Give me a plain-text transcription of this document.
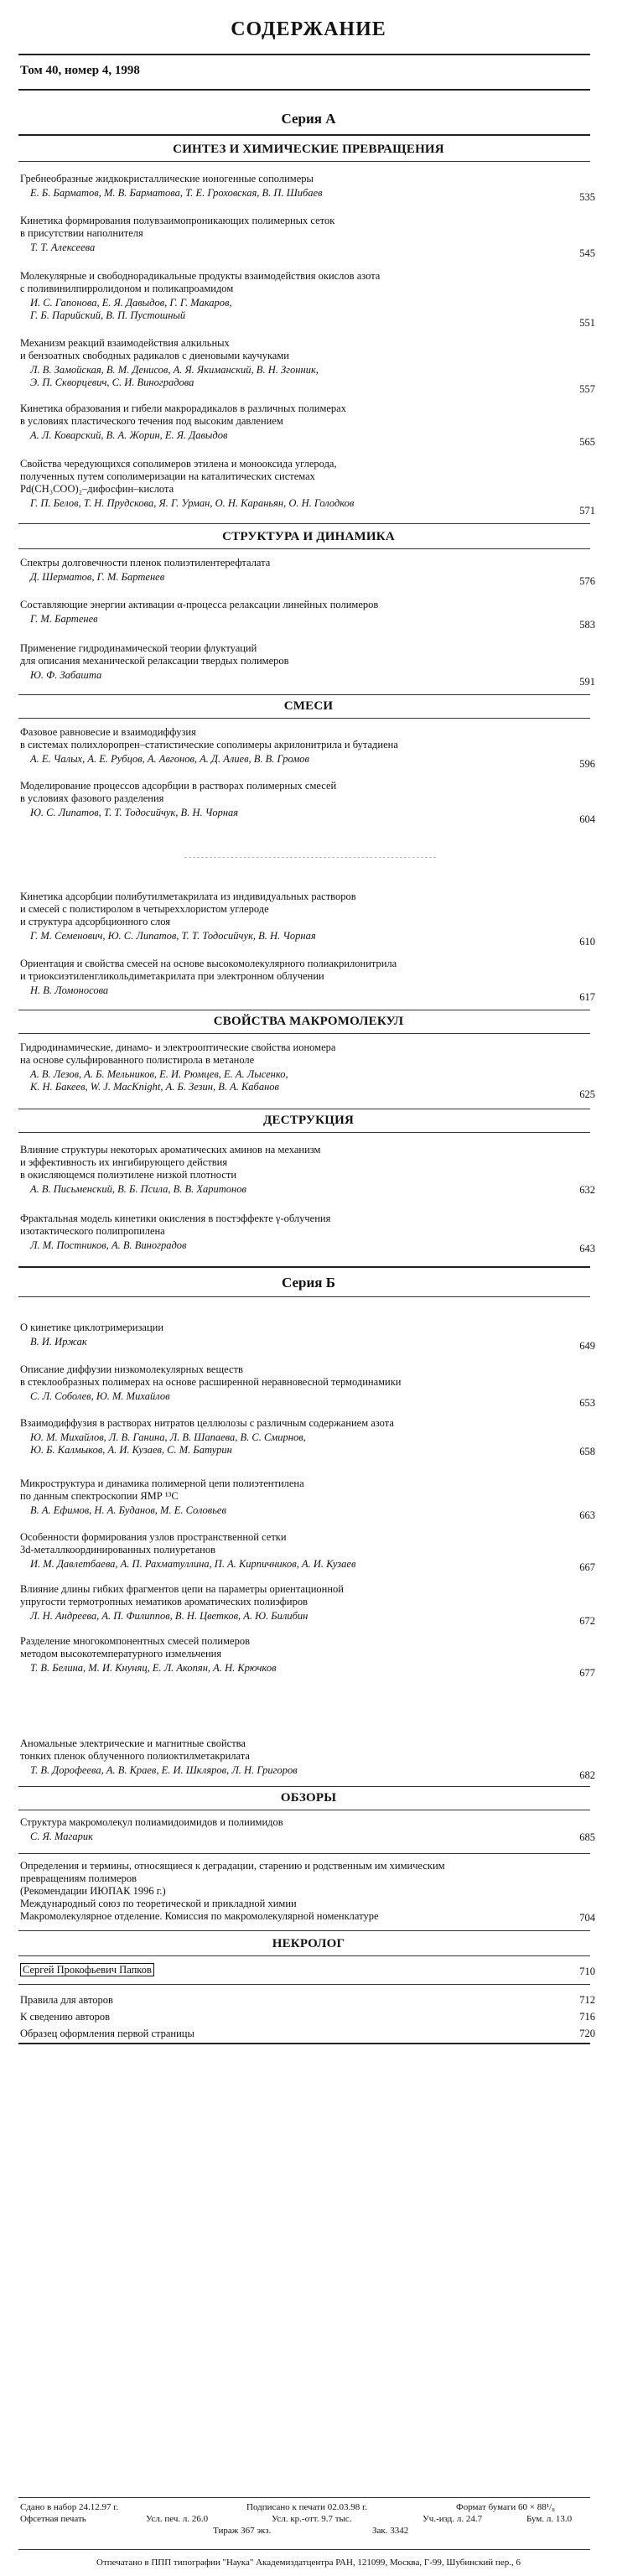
СОДЕРЖАНИЕ
Том 40, номер 4, 1998
Серия А
СИНТЕЗ И ХИМИЧЕСКИЕ ПРЕВРАЩЕНИЯ
Гребнеобразные жидкокристаллические ионогенные сополимеры
Е. Б. Барматов, М. В. Барматова, Т. Е. Гроховская, В. П. Шибаев	535
Кинетика формирования полувзаимопроникающих полимерных сеток
в присутствии наполнителя
Т. Т. Алексеева	545
Молекулярные и свободнорадикальные продукты взаимодействия окислов азота
с поливинилпирролидоном и поликапроамидом
И. С. Гапонова, Е. Я. Давыдов, Г. Г. Макаров,
Г. Б. Парийский, В. П. Пустошный
551
Механизм реакций взаимодействия алкильных
и бензоатных свободных радикалов с диеновыми каучуками
Л. В. Замойская, В. М. Денисов, А. Я. Якиманский, В. Н. Згонник,
Э. П. Скворцевич, С. И. Виноградова
557
Кинетика образования и гибели макрорадикалов в различных полимерах
в условиях пластического течения под высоким давлением
А. Л. Коварский, В. А. Жорин, Е. Я. Давыдов
565
Свойства чередующихся сополимеров этилена и монооксида углерода,
полученных путем сополимеризации на каталитических системах
Pd(CH₃COO)₂–дифосфин–кислота
Г. П. Белов, Т. Н. Прудскова, Я. Г. Урман, О. Н. Караньян, О. Н. Голодков
571
СТРУКТУРА И ДИНАМИКА
Спектры долговечности пленок полиэтилентерефталата
Д. Шерматов, Г. М. Бартенев	576
Составляющие энергии активации α-процесса релаксации линейных полимеров
Г. М. Бартенев	583
Применение гидродинамической теории флуктуаций
для описания механической релаксации твердых полимеров
Ю. Ф. Забашта
591
СМЕСИ
Фазовое равновесие и взаимодиффузия
в системах полихлоропрен–статистические сополимеры акрилонитрила и бутадиена
А. Е. Чалых, А. Е. Рубцов, А. Авгонов, А. Д. Алиев, В. В. Громов	596
Моделирование процессов адсорбции в растворах полимерных смесей
в условиях фазового разделения
Ю. С. Липатов, Т. Т. Тодосийчук, В. Н. Чорная
604
Кинетика адсорбции полибутилметакрилата из индивидуальных растворов
и смесей с полистиролом в четыреххлористом углероде
и структура адсорбционного слоя
Г. М. Семенович, Ю. С. Липатов, Т. Т. Тодосийчук, В. Н. Чорная	610
Ориентация и свойства смесей на основе высокомолекулярного полиакрилонитрила
и триоксиэтиленгликольдиметакрилата при электронном облучении
Н. В. Ломоносова
617
СВОЙСТВА МАКРОМОЛЕКУЛ
Гидродинамические, динамо- и электрооптические свойства иономера
на основе сульфированного полистирола в метаноле
А. В. Лезов, А. Б. Мельников, Е. И. Рюмцев, Е. А. Лысенко,
К. Н. Бакеев, W. J. MacKnight, А. Б. Зезин, В. А. Кабанов
625
ДЕСТРУКЦИЯ
Влияние структуры некоторых ароматических аминов на механизм
и эффективность их ингибирующего действия
в окисляющемся полиэтилене низкой плотности
А. В. Письменский, В. Б. Псила, В. В. Харитонов	632
Фрактальная модель кинетики окисления в постэффекте γ-облучения
изотактического полипропилена
Л. М. Постников, А. В. Виноградов	643
Серия Б
О кинетике циклотримеризации
В. И. Иржак	649
Описание диффузии низкомолекулярных веществ
в стеклообразных полимерах на основе расширенной неравновесной термодинамики
С. Л. Соболев, Ю. М. Михайлов
653
Взаимодиффузия в растворах нитратов целлюлозы с различным содержанием азота
Ю. М. Михайлов, Л. В. Ганина, Л. В. Шапаева, В. С. Смирнов,
Ю. Б. Калмыков, А. И. Кузаев, С. М. Батурин	658
Микроструктура и динамика полимерной цепи полиэтентилена
по данным спектроскопии ЯМР ¹³C
В. А. Ефимов, Н. А. Буданов, М. Е. Соловьев	663
Особенности формирования узлов пространственной сетки
3d-металлкоординированных полиуретанов
И. М. Давлетбаева, А. П. Рахматуллина, П. А. Кирпичников, А. И. Кузаев	667
Влияние длины гибких фрагментов цепи на параметры ориентационной
упругости термотропных нематиков ароматических полиэфиров
Л. Н. Андреева, А. П. Филиппов, В. Н. Цветков, А. Ю. Билибин	672
Разделение многокомпонентных смесей полимеров
методом высокотемпературного измельчения
Т. В. Белина, М. И. Кнуняц, Е. Л. Акопян, А. Н. Крючков	677
Аномальные электрические и магнитные свойства
тонких пленок облученного полиоктилметакрилата
Т. В. Дорофеева, А. В. Краев, Е. И. Шкляров, Л. Н. Григоров	682
ОБЗОРЫ
Структура макромолекул полиамидоимидов и полиимидов
С. Я. Магарик	685
Определения и термины, относящиеся к деградации, старению и родственным им химическим
превращениям полимеров
(Рекомендации ИЮПАК 1996 г.)
Международный союз по теоретической и прикладной химии
Макромолекулярное отделение. Комиссия по макромолекулярной номенклатуре	704
НЕКРОЛОГ
Сергей Прокофьевич Папков	710
Правила для авторов	712
К сведению авторов	716
Образец оформления первой страницы	720
Сдано в набор 24.12.97 г.	Подписано к печати 02.03.98 г.	Формат бумаги 60 × 88¹/₈
Офсетная печать	Усл. печ. л. 26.0	Усл. кр.-отт. 9.7 тыс.	Уч.-изд. л. 24.7	Бум. л. 13.0
Тираж 367 экз.	Зак. 3342
Отпечатано в ППП типографии "Наука" Академиздатцентра РАН, 121099, Москва, Г-99, Шубинский пер., 6
